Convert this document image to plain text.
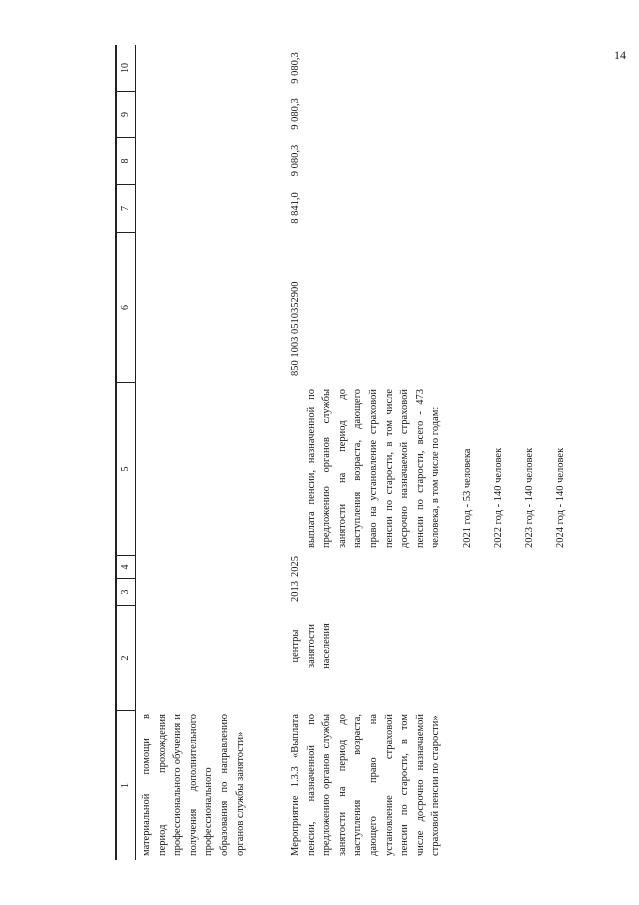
14
1
2
3
4
5
6
7
8
9
10
материальной помощи в период прохождения профессионального обучения и получения дополнительного профессионального образования по направлению органов службы занятости»	Мероприятие 1.3.3 «Выплата пенсии, назначенной по предложению органов службы занятости на период до наступления возраста, дающего право на установление страховой пенсии по старости, в том числе досрочно назначаемой страховой пенсии по старости»
центры занятости населения
2013
2025

выплата пенсии, назначенной по предложению органов службы занятости на период до наступления возраста, дающего право на установление страховой пенсии по старости, в том числе досрочно назначаемой страховой пенсии по старости, всего - 473 человека, в том числе по годам: 2021 год - 53 человека 2022 год - 140 человек 2023 год - 140 человек 2024 год - 140 человек

850 1003 0510352900
8 841,0
9 080,3
9 080,3
9 080,3
